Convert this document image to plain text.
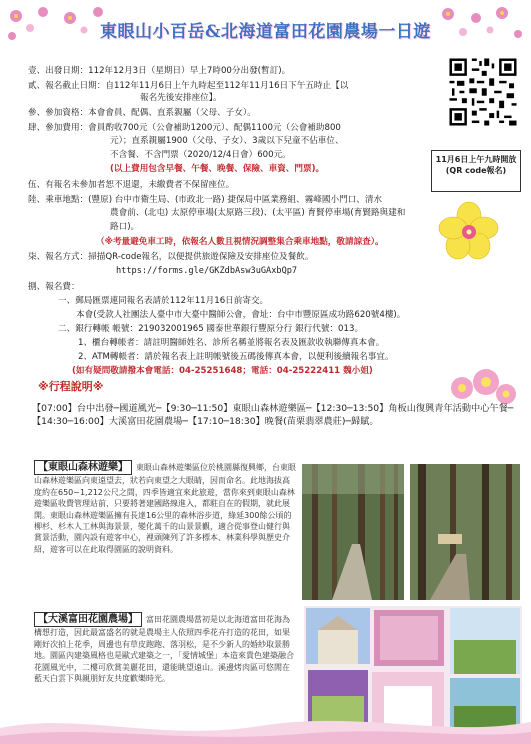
東眼山小百岳&北海道富田花園農場一日遊
壹、出發日期：112年12月3日（星期日）早上7時00分出發(暫訂)。
貳、報名截止日期：自112年11月6日上午九時起至112年11月16日下午五時止【以
報名先後安排座位】。
參、參加資格：本會會員、配偶、直系親屬（父母、子女）。
肆、參加費用：會員酌收700元（公會補助1200元）、配偶1100元（公會補助800
元）；直系親屬1900（父母、子女）、3歲以下兒童不佔車位、
不含餐、不含門票（2020/12/4日會）600元。
(以上費用包含早餐、午餐、晚餐、保險、車資、門票)。
伍、有報名未參加者恕不退還，未繳費者不保留座位。
陸、乘車地點：(豐原) 台中市衛生局、(市政北一路) 捷保局中區業務組、霧峰國小門口、清水
農會前、(北屯) 太原停車場(太原路三段)、(太平區) 育賢停車場(育賢路與建和
路口)。
（※考量避免車工時，依報名人數且視情況調整集合乘車地點，敬請諒查）。
柒、報名方式：掃描QR-code報名，以便提供旅遊保險及安排座位及餐飲。
https://forms.gle/GKZdbAsw3uGAxbQp7
捌、報名費：
一、郵局匯票連同報名表請於112年11月16日前寄交。
本會(受款人社團法人臺中市大臺中醫師公會，會址：台中市豐原區成功路620號4樓)。
二、銀行轉帳 帳號：219032001965 國泰世華銀行豐原分行 銀行代號：013。
1、櫃台轉帳者：請註明醫師姓名、診所名稱並將報名表及匯款收執聯傳真本會。
2、ATM轉帳者：請於報名表上註明帳號後五碼後傳真本會，以便利後續報名事宜。
(如有疑問敬請撥本會電話：04-25251648；電話：04-25222411 魏小姐)
11月6日上午九時開放(QR code報名)
※行程說明※
【07:00】台中出發─國道風光─【9:30─11:50】東眼山森林遊樂區─【12:30─13:50】角板山復興青年活動中心午餐─【14:30─16:00】大溪富田花園農場─【17:10─18:30】晚餐(苗栗翡翠農莊)─歸賦。
【東眼山森林遊樂】 東眼山森林遊樂區位於桃園縣復興鄉，台東眼山森林遊樂區向東遠望去，狀若向東望之大眼睛，因而命名。此地海拔高度約在650~1,212公尺之間，四季皆適宜來此旅遊，當你來到東眼山森林遊樂區收費管理站前，只要將著建國路線進入，都駐自在的假期，就此展開。東眼山森林遊樂區擁有長達16公里的森林浴步道，綠延300餘公頃的柳杉、杉木人工林與海景景，變化萬千的山景景觀，適合從事登山健行與賞景活動，園內設有遊客中心，裡頭陳列了許多標本、林業科學與歷史介紹，遊客可以在此取得園區的說明資料。
【大溪富田花園農場】 富田花園農場當初是以北海道富田花海為構想打造，因此最富盛名的就是農場主人依照四季花卉打造的花田，如果剛好次拍上花季，周邊也有草皮跑跑、落羽松，是不少新人的婚紗取景勝地。園區內建築風格也是歐式建築之一，「愛情城堡」本造來貴色建築融合花園風光中，二樓可欣賞美麗花田，還能眺望遠山。溪邊烤肉區可悠閒在藍天白雲下與親朋好友共度歡樂時光。
